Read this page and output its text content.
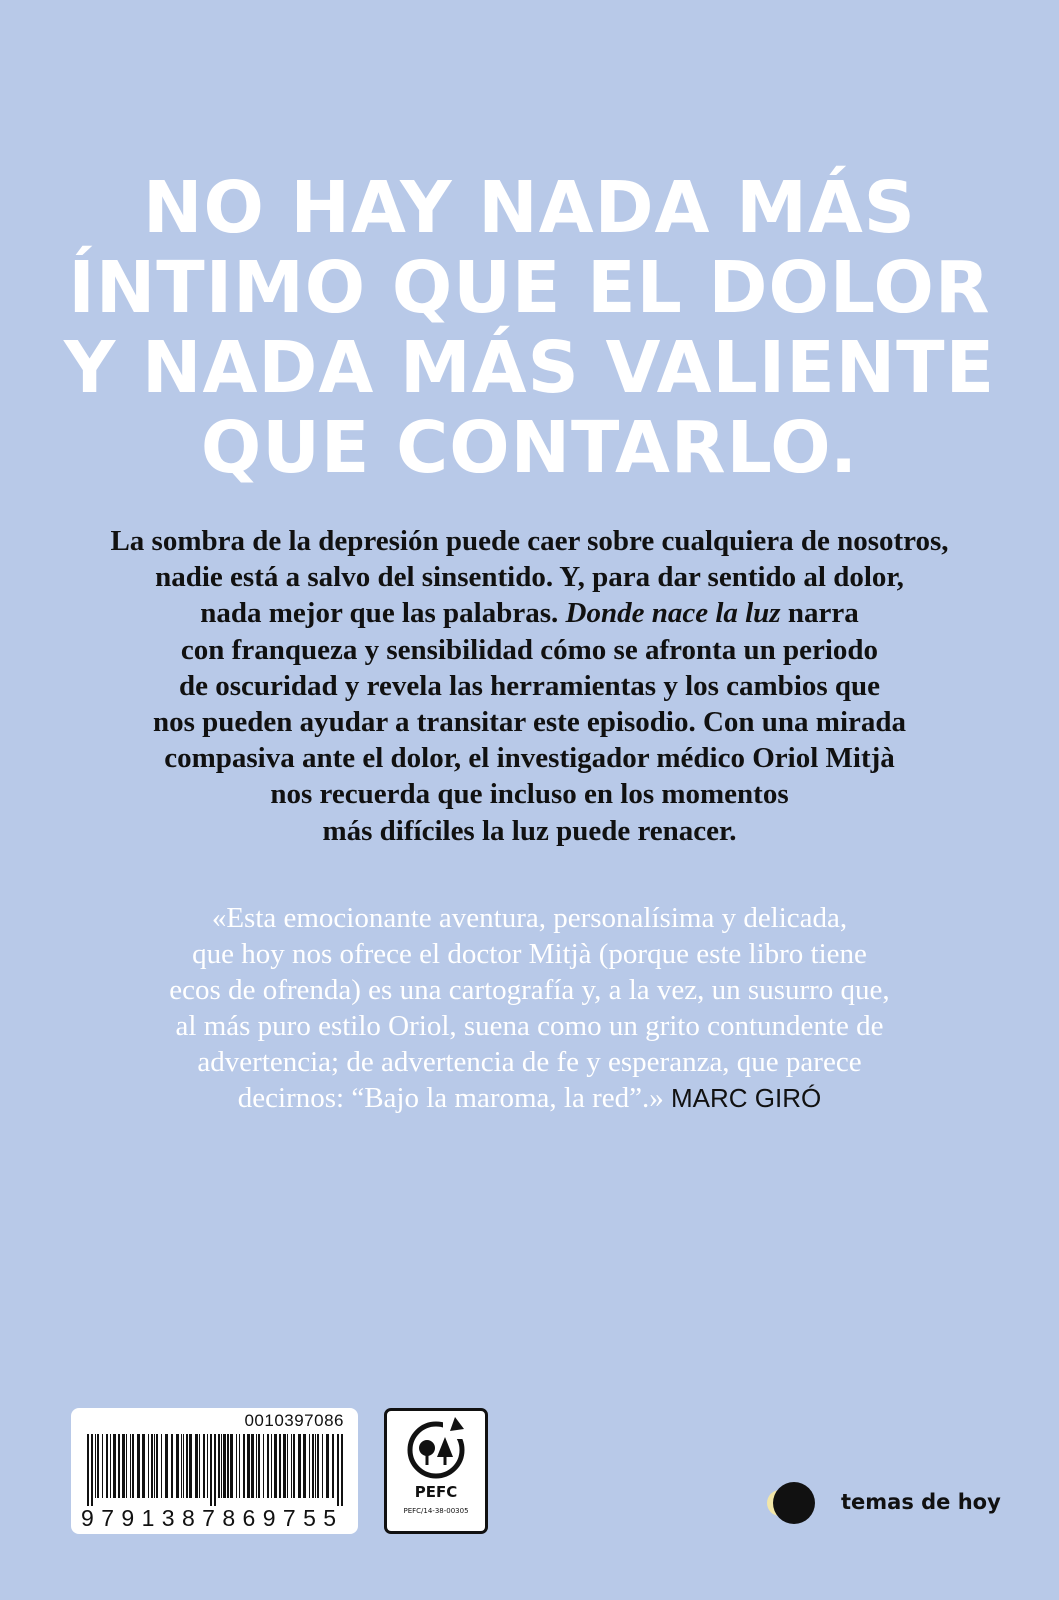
NO HAY NADA MÁS
ÍNTIMO QUE EL DOLOR
Y NADA MÁS VALIENTE
QUE CONTARLO.
La sombra de la depresión puede caer sobre cualquiera de nosotros,
nadie está a salvo del sinsentido. Y, para dar sentido al dolor,
nada mejor que las palabras. Donde nace la luz narra
con franqueza y sensibilidad cómo se afronta un periodo
de oscuridad y revela las herramientas y los cambios que
nos pueden ayudar a transitar este episodio. Con una mirada
compasiva ante el dolor, el investigador médico Oriol Mitjà
nos recuerda que incluso en los momentos
más difíciles la luz puede renacer.
«Esta emocionante aventura, personalísima y delicada,
que hoy nos ofrece el doctor Mitjà (porque este libro tiene
ecos de ofrenda) es una cartografía y, a la vez, un susurro que,
al más puro estilo Oriol, suena como un grito contundente de
advertencia; de advertencia de fe y esperanza, que parece
decirnos: “Bajo la maroma, la red”.» MARC GIRÓ
0010397086
9791387869755
PEFC
PEFC/14-38-00305	temas de hoy
